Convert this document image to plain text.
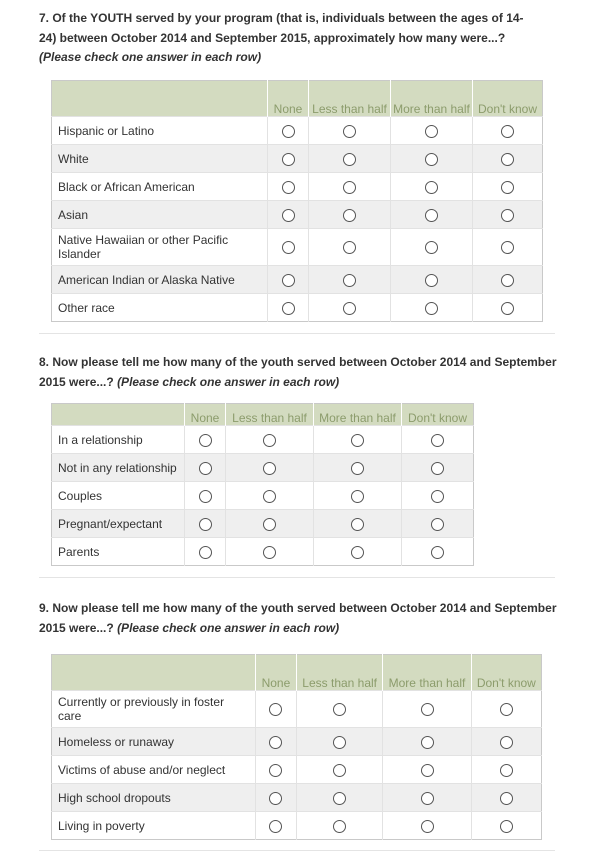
7. Of the YOUTH served by your program (that is, individuals between the ages of 14-24) between October 2014 and September 2015, approximately how many were...? (Please check one answer in each row)
	None	Less than half	More than half	Don't know
Hispanic or Latino				
White				
Black or African American				
Asian				
Native Hawaiian or other Pacific Islander				
American Indian or Alaska Native				
Other race				
8. Now please tell me how many of the youth served between October 2014 and September 2015 were...? (Please check one answer in each row)
	None	Less than half	More than half	Don't know
In a relationship				
Not in any relationship				
Couples				
Pregnant/expectant				
Parents				
9. Now please tell me how many of the youth served between October 2014 and September 2015 were...? (Please check one answer in each row)
	None	Less than half	More than half	Don't know
Currently or previously in foster care				
Homeless or runaway				
Victims of abuse and/or neglect				
High school dropouts				
Living in poverty				
